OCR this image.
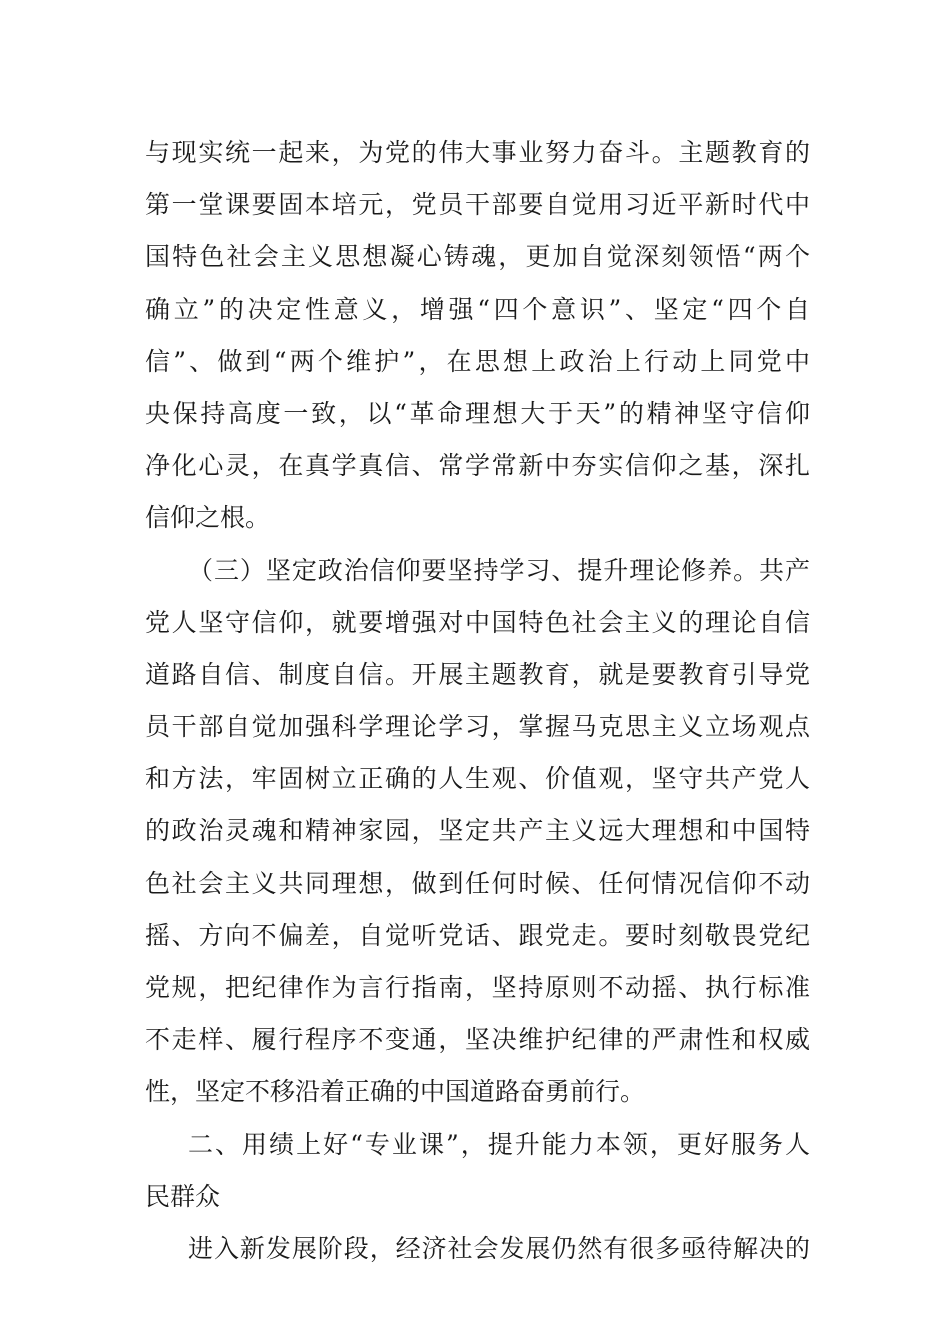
与现实统一起来，为党的伟大事业努力奋斗。主题教育的
第一堂课要固本培元，党员干部要自觉用习近平新时代中
国特色社会主义思想凝心铸魂，更加自觉深刻领悟“两个
确立”的决定性意义，增强“四个意识”、坚定“四个自
信”、做到“两个维护”，在思想上政治上行动上同党中
央保持高度一致，以“革命理想大于天”的精神坚守信仰
净化心灵，在真学真信、常学常新中夯实信仰之基，深扎
信仰之根。
（三）坚定政治信仰要坚持学习、提升理论修养。共产
党人坚守信仰，就要增强对中国特色社会主义的理论自信
道路自信、制度自信。开展主题教育，就是要教育引导党
员干部自觉加强科学理论学习，掌握马克思主义立场观点
和方法，牢固树立正确的人生观、价值观，坚守共产党人
的政治灵魂和精神家园，坚定共产主义远大理想和中国特
色社会主义共同理想，做到任何时候、任何情况信仰不动
摇、方向不偏差，自觉听党话、跟党走。要时刻敬畏党纪
党规，把纪律作为言行指南，坚持原则不动摇、执行标准
不走样、履行程序不变通，坚决维护纪律的严肃性和权威
性，坚定不移沿着正确的中国道路奋勇前行。
二、用绩上好“专业课”，提升能力本领，更好服务人
民群众
进入新发展阶段，经济社会发展仍然有很多亟待解决的
